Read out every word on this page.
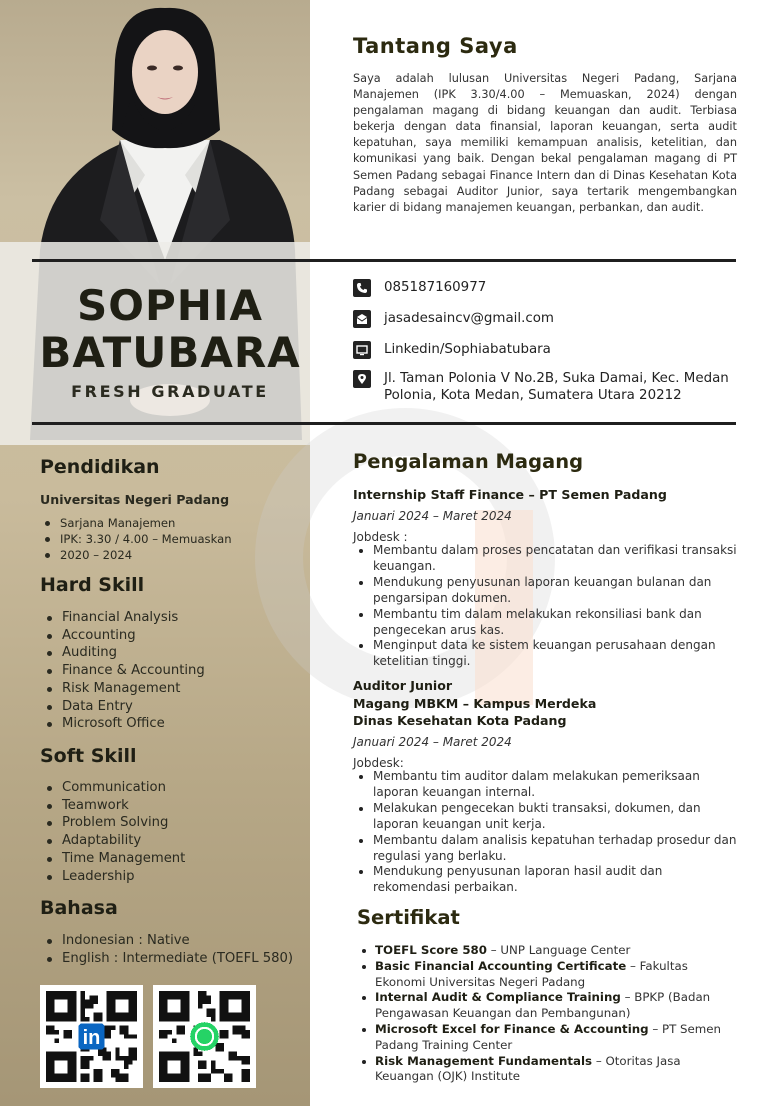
SOPHIA
BATUBARA
FRESH GRADUATE
Tantang Saya
Saya adalah lulusan Universitas Negeri Padang, Sarjana Manajemen (IPK 3.30/4.00 – Memuaskan, 2024) dengan pengalaman magang di bidang keuangan dan audit. Terbiasa bekerja dengan data finansial, laporan keuangan, serta audit kepatuhan, saya memiliki kemampuan analisis, ketelitian, dan komunikasi yang baik. Dengan bekal pengalaman magang di PT Semen Padang sebagai Finance Intern dan di Dinas Kesehatan Kota Padang sebagai Auditor Junior, saya tertarik mengembangkan karier di bidang manajemen keuangan, perbankan, dan audit.
085187160977
jasadesaincv@gmail.com
Linkedin/Sophiabatubara
Jl. Taman Polonia V No.2B, Suka Damai, Kec. Medan Polonia, Kota Medan, Sumatera Utara 20212
Pendidikan
Universitas Negeri Padang
Sarjana Manajemen
IPK: 3.30 / 4.00 – Memuaskan
2020 – 2024
Hard Skill
Financial Analysis
Accounting
Auditing
Finance & Accounting
Risk Management
Data Entry
Microsoft Office
Soft Skill
Communication
Teamwork
Problem Solving
Adaptability
Time Management
Leadership
Bahasa
Indonesian : Native
English : Intermediate (TOEFL 580)
in
Pengalaman Magang
Internship Staff Finance – PT Semen Padang
Januari 2024 – Maret 2024
Jobdesk :
Membantu dalam proses pencatatan dan verifikasi transaksi keuangan.
Mendukung penyusunan laporan keuangan bulanan dan pengarsipan dokumen.
Membantu tim dalam melakukan rekonsiliasi bank dan pengecekan arus kas.
Menginput data ke sistem keuangan perusahaan dengan ketelitian tinggi.
Auditor Junior
Magang MBKM – Kampus Merdeka
Dinas Kesehatan Kota Padang
Januari 2024 – Maret 2024
Jobdesk:
Membantu tim auditor dalam melakukan pemeriksaan laporan keuangan internal.
Melakukan pengecekan bukti transaksi, dokumen, dan laporan keuangan unit kerja.
Membantu dalam analisis kepatuhan terhadap prosedur dan regulasi yang berlaku.
Mendukung penyusunan laporan hasil audit dan rekomendasi perbaikan.
Sertifikat
TOEFL Score 580 – UNP Language Center
Basic Financial Accounting Certificate – Fakultas Ekonomi Universitas Negeri Padang
Internal Audit & Compliance Training – BPKP (Badan Pengawasan Keuangan dan Pembangunan)
Microsoft Excel for Finance & Accounting – PT Semen Padang Training Center
Risk Management Fundamentals – Otoritas Jasa Keuangan (OJK) Institute
